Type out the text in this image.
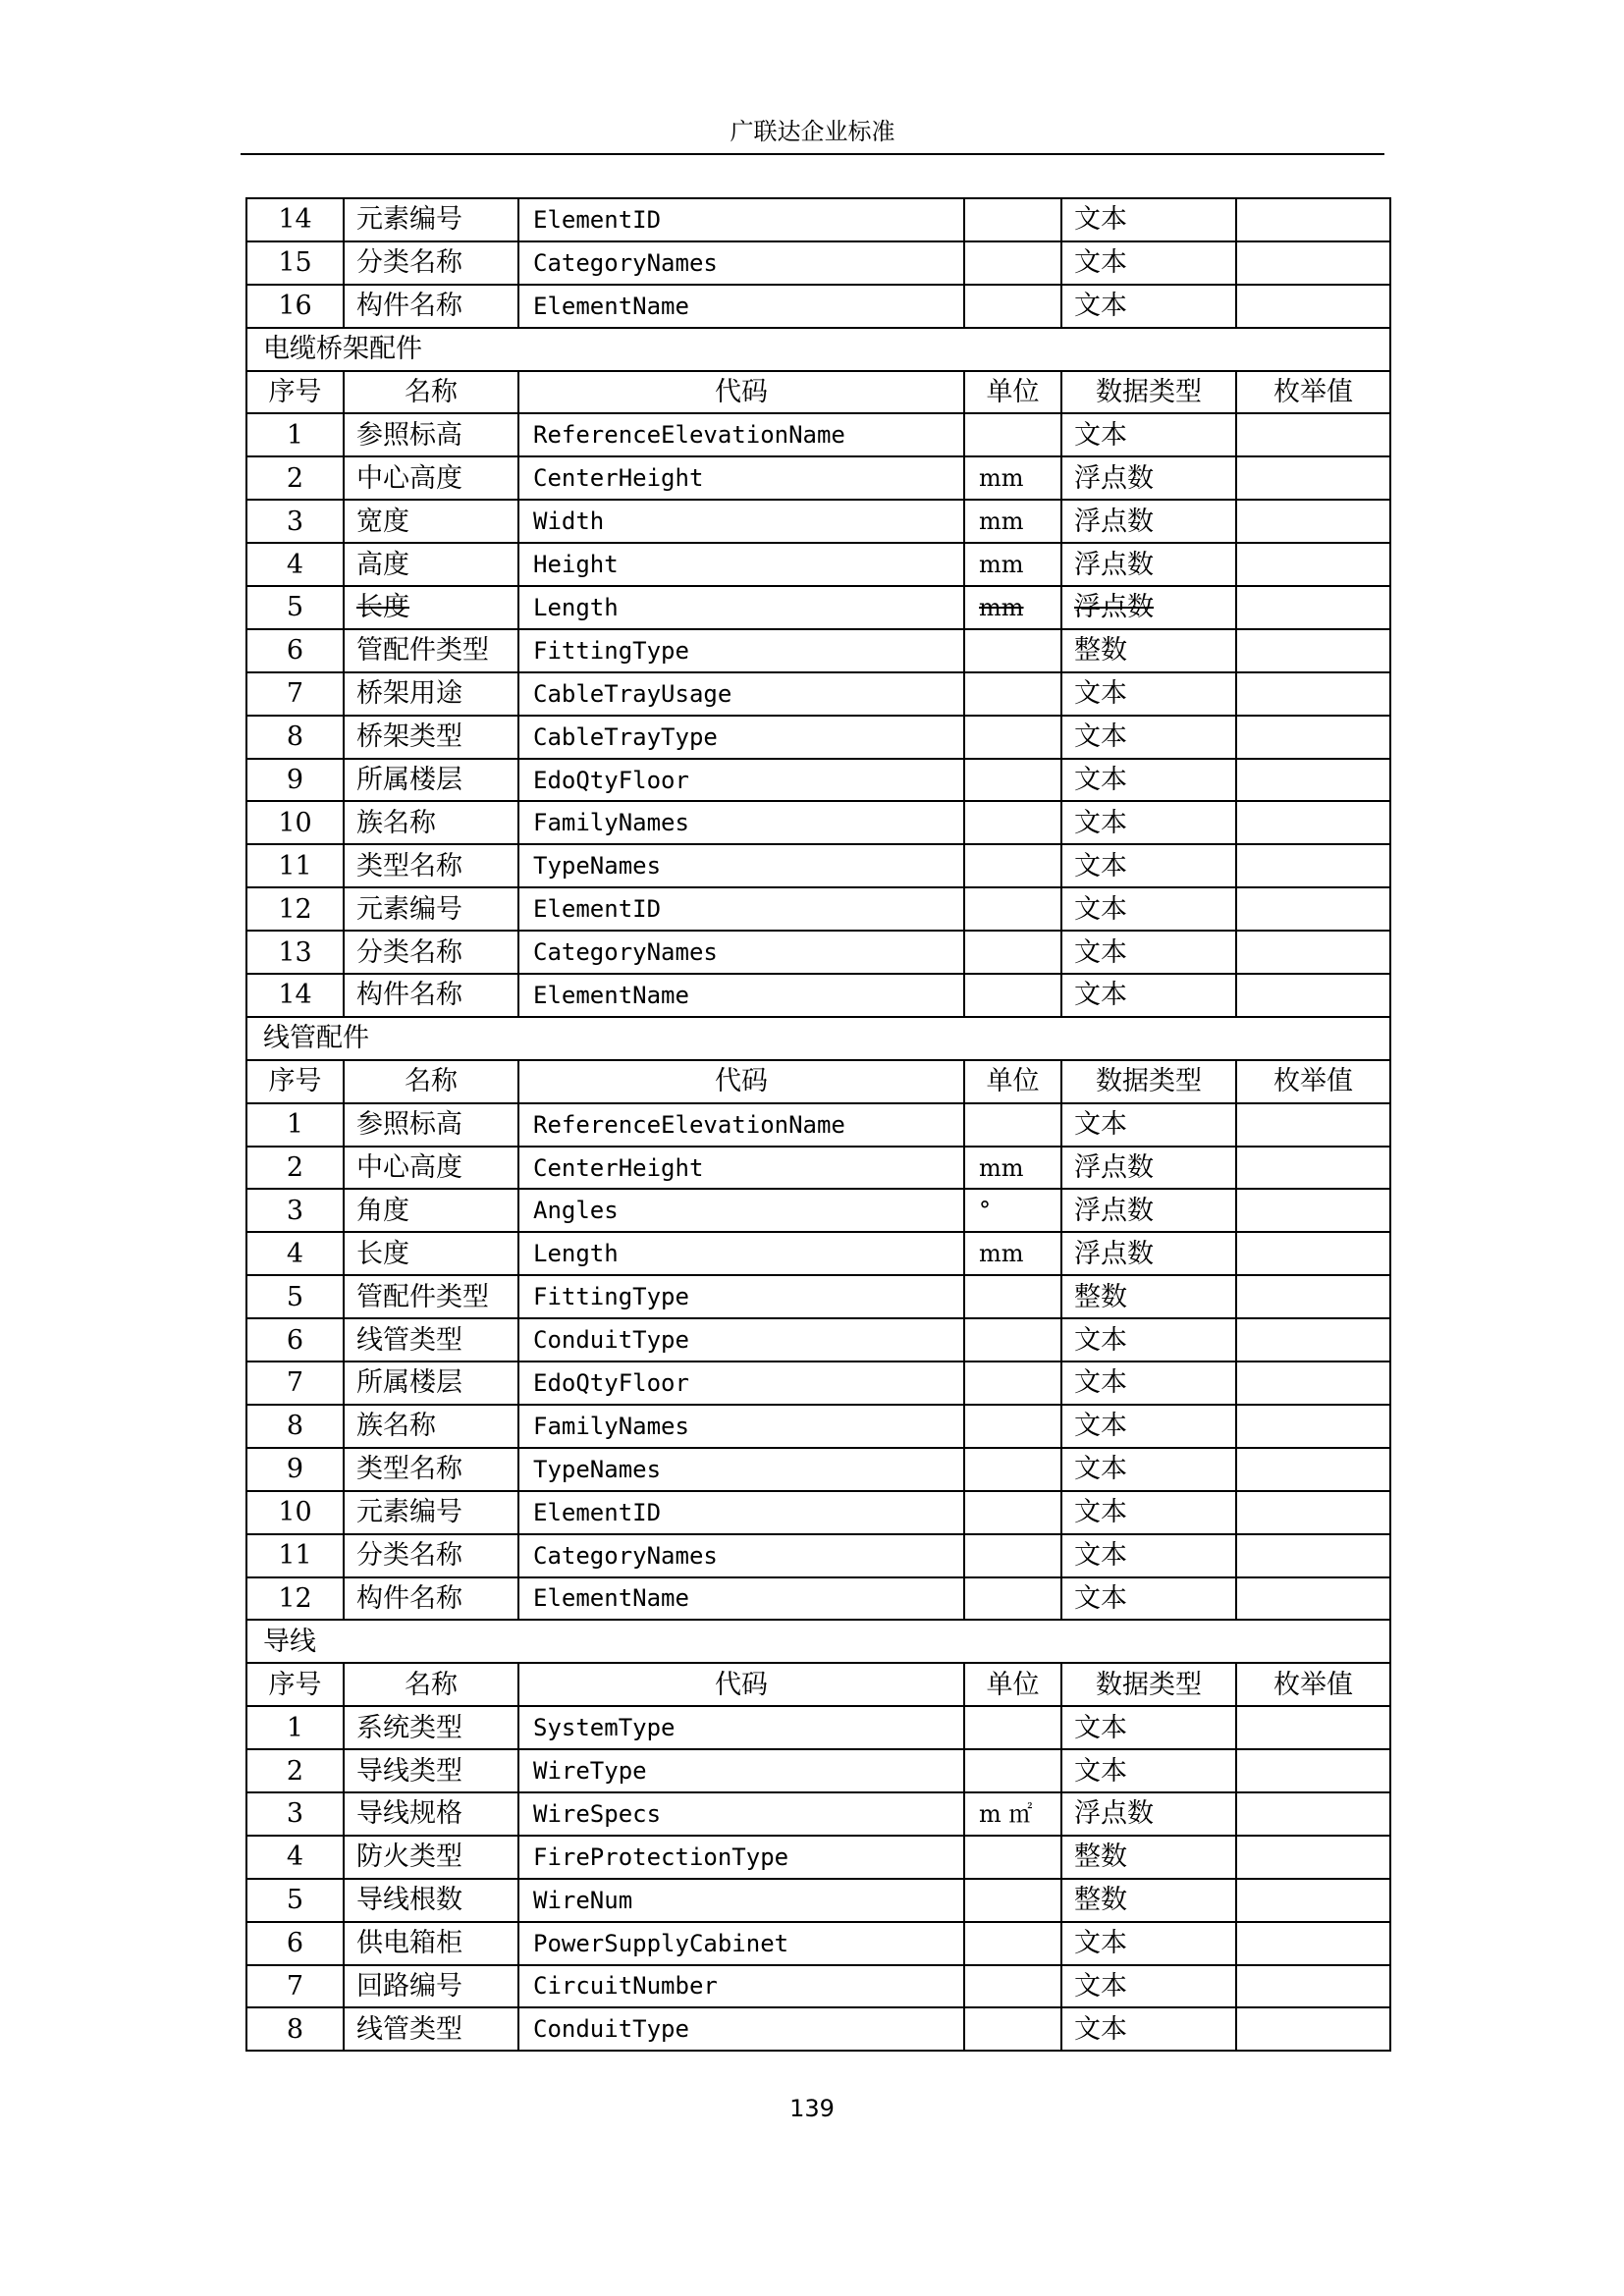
广联达企业标准
14	元素编号	ElementID		文本	
15	分类名称	CategoryNames		文本	
16	构件名称	ElementName		文本	
电缆桥架配件					
序号	名称	代码	单位	数据类型	枚举值
1	参照标高	ReferenceElevationName		文本	
2	中心高度	CenterHeight	mm	浮点数	
3	宽度	Width	mm	浮点数	
4	高度	Height	mm	浮点数	
5	长度	Length	mm	浮点数	
6	管配件类型	FittingType		整数	
7	桥架用途	CableTrayUsage		文本	
8	桥架类型	CableTrayType		文本	
9	所属楼层	EdoQtyFloor		文本	
10	族名称	FamilyNames		文本	
11	类型名称	TypeNames		文本	
12	元素编号	ElementID		文本	
13	分类名称	CategoryNames		文本	
14	构件名称	ElementName		文本	
线管配件					
序号	名称	代码	单位	数据类型	枚举值
1	参照标高	ReferenceElevationName		文本	
2	中心高度	CenterHeight	mm	浮点数	
3	角度	Angles	°	浮点数	
4	长度	Length	mm	浮点数	
5	管配件类型	FittingType		整数	
6	线管类型	ConduitType		文本	
7	所属楼层	EdoQtyFloor		文本	
8	族名称	FamilyNames		文本	
9	类型名称	TypeNames		文本	
10	元素编号	ElementID		文本	
11	分类名称	CategoryNames		文本	
12	构件名称	ElementName		文本	
导线					
序号	名称	代码	单位	数据类型	枚举值
1	系统类型	SystemType		文本	
2	导线类型	WireType		文本	
3	导线规格	WireSpecs	m ㎡	浮点数	
4	防火类型	FireProtectionType		整数	
5	导线根数	WireNum		整数	
6	供电箱柜	PowerSupplyCabinet		文本	
7	回路编号	CircuitNumber		文本	
8	线管类型	ConduitType		文本	
139
